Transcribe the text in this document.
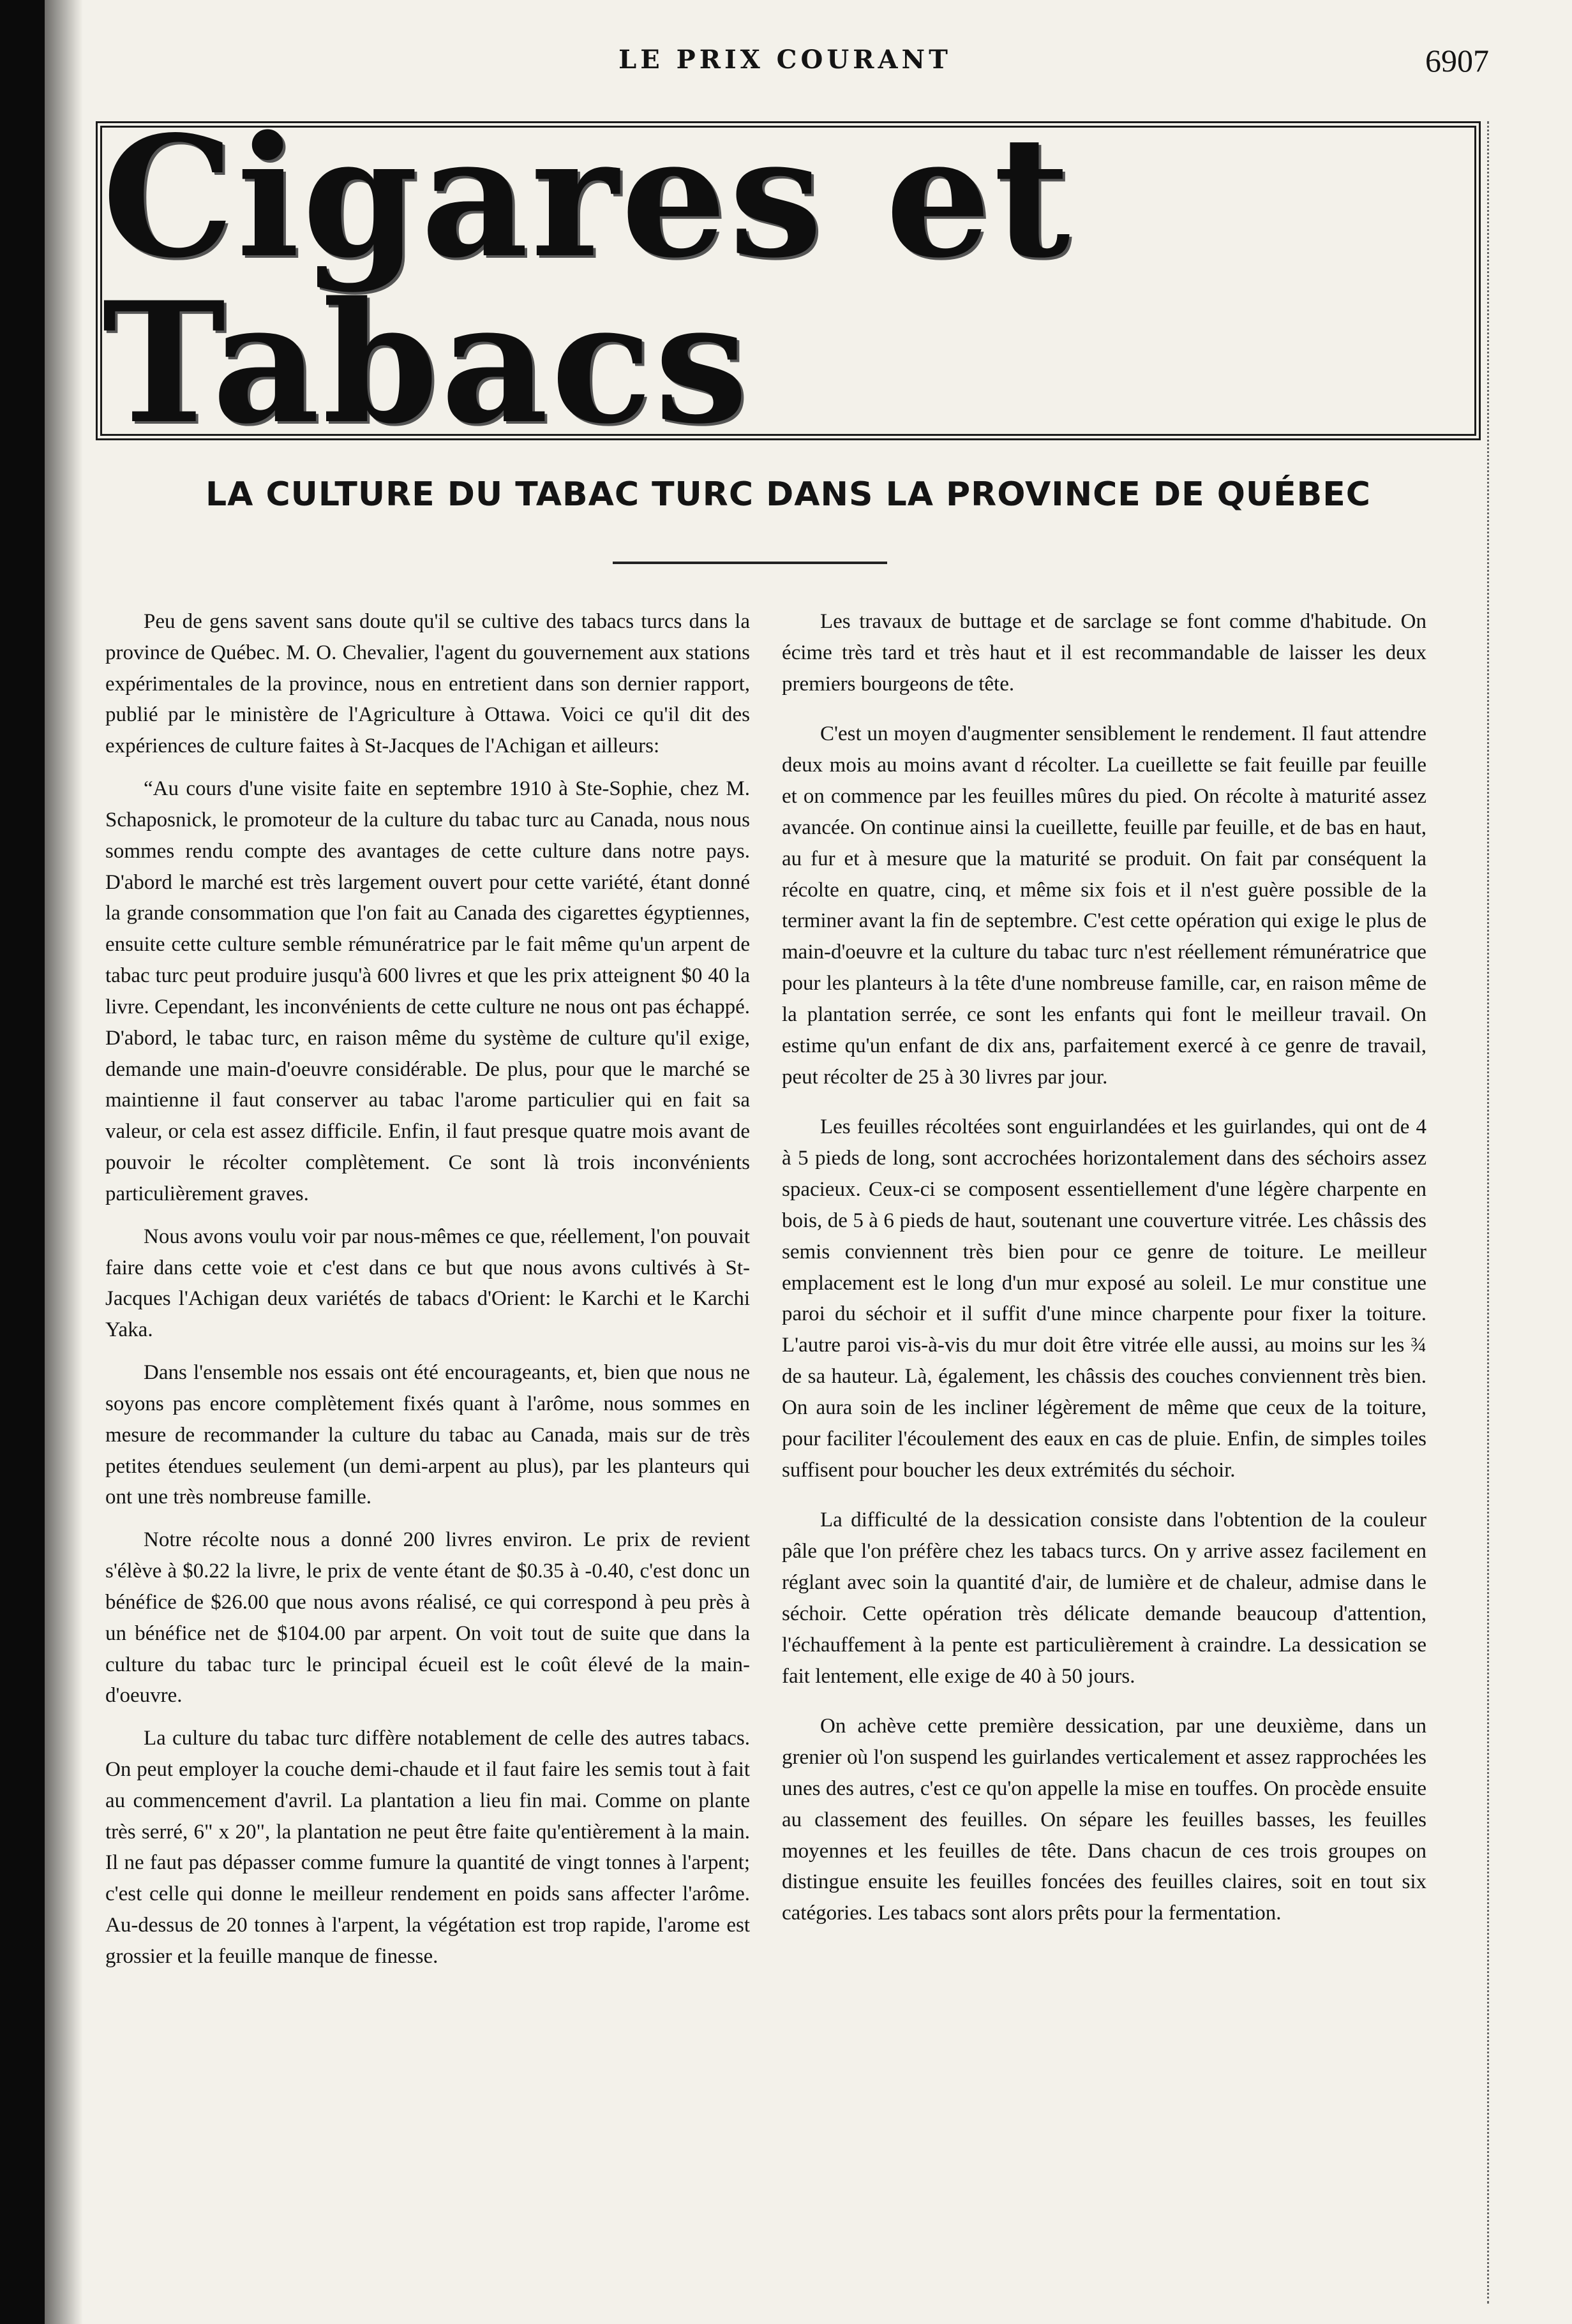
LE PRIX COURANT	6907
Cigares et Tabacs
LA CULTURE DU TABAC TURC DANS LA PROVINCE DE QUÉBEC

Peu de gens savent sans doute qu'il se cultive des tabacs turcs dans la province de Québec. M. O. Chevalier, l'agent du gouvernement aux stations expérimentales de la province, nous en entretient dans son dernier rapport, publié par le ministère de l'Agriculture à Ottawa. Voici ce qu'il dit des expériences de culture faites à St-Jacques de l'Achigan et ailleurs:

“Au cours d'une visite faite en septembre 1910 à Ste-Sophie, chez M. Schaposnick, le promoteur de la culture du tabac turc au Canada, nous nous sommes rendu compte des avantages de cette culture dans notre pays. D'abord le marché est très largement ouvert pour cette variété, étant donné la grande consommation que l'on fait au Canada des cigarettes égyptiennes, ensuite cette culture semble rémunératrice par le fait même qu'un arpent de tabac turc peut produire jusqu'à 600 livres et que les prix atteignent $0 40 la livre. Cependant, les inconvénients de cette culture ne nous ont pas échappé. D'abord, le tabac turc, en raison même du système de culture qu'il exige, demande une main-d'oeuvre considérable. De plus, pour que le marché se maintienne il faut conserver au tabac l'arome particulier qui en fait sa valeur, or cela est assez difficile. Enfin, il faut presque quatre mois avant de pouvoir le récolter complètement. Ce sont là trois inconvénients particulièrement graves.

Nous avons voulu voir par nous-mêmes ce que, réellement, l'on pouvait faire dans cette voie et c'est dans ce but que nous avons cultivés à St-Jacques l'Achigan deux variétés de tabacs d'Orient: le Karchi et le Karchi Yaka.

Dans l'ensemble nos essais ont été encourageants, et, bien que nous ne soyons pas encore complètement fixés quant à l'arôme, nous sommes en mesure de recommander la culture du tabac au Canada, mais sur de très petites étendues seulement (un demi-arpent au plus), par les planteurs qui ont une très nombreuse famille.

Notre récolte nous a donné 200 livres environ. Le prix de revient s'élève à $0.22 la livre, le prix de vente étant de $0.35 à -0.40, c'est donc un bénéfice de $26.00 que nous avons réalisé, ce qui correspond à peu près à un bénéfice net de $104.00 par arpent. On voit tout de suite que dans la culture du tabac turc le principal écueil est le coût élevé de la main-d'oeuvre.

La culture du tabac turc diffère notablement de celle des autres tabacs. On peut employer la couche demi-chaude et il faut faire les semis tout à fait au commencement d'avril. La plantation a lieu fin mai. Comme on plante très serré, 6" x 20", la plantation ne peut être faite qu'entièrement à la main. Il ne faut pas dépasser comme fumure la quantité de vingt tonnes à l'arpent; c'est celle qui donne le meilleur rendement en poids sans affecter l'arôme. Au-dessus de 20 tonnes à l'arpent, la végétation est trop rapide, l'arome est grossier et la feuille manque de finesse.

Les travaux de buttage et de sarclage se font comme d'habitude. On écime très tard et très haut et il est recommandable de laisser les deux premiers bourgeons de tête.

C'est un moyen d'augmenter sensiblement le rendement. Il faut attendre deux mois au moins avant d récolter. La cueillette se fait feuille par feuille et on commence par les feuilles mûres du pied. On récolte à maturité assez avancée. On continue ainsi la cueillette, feuille par feuille, et de bas en haut, au fur et à mesure que la maturité se produit. On fait par conséquent la récolte en quatre, cinq, et même six fois et il n'est guère possible de la terminer avant la fin de septembre. C'est cette opération qui exige le plus de main-d'oeuvre et la culture du tabac turc n'est réellement rémunératrice que pour les planteurs à la tête d'une nombreuse famille, car, en raison même de la plantation serrée, ce sont les enfants qui font le meilleur travail. On estime qu'un enfant de dix ans, parfaitement exercé à ce genre de travail, peut récolter de 25 à 30 livres par jour.

Les feuilles récoltées sont enguirlandées et les guirlandes, qui ont de 4 à 5 pieds de long, sont accrochées horizontalement dans des séchoirs assez spacieux. Ceux-ci se composent essentiellement d'une légère charpente en bois, de 5 à 6 pieds de haut, soutenant une couverture vitrée. Les châssis des semis conviennent très bien pour ce genre de toiture. Le meilleur emplacement est le long d'un mur exposé au soleil. Le mur constitue une paroi du séchoir et il suffit d'une mince charpente pour fixer la toiture. L'autre paroi vis-à-vis du mur doit être vitrée elle aussi, au moins sur les ¾ de sa hauteur. Là, également, les châssis des couches conviennent très bien. On aura soin de les incliner légèrement de même que ceux de la toiture, pour faciliter l'écoulement des eaux en cas de pluie. Enfin, de simples toiles suffisent pour boucher les deux extrémités du séchoir.

La difficulté de la dessication consiste dans l'obtention de la couleur pâle que l'on préfère chez les tabacs turcs. On y arrive assez facilement en réglant avec soin la quantité d'air, de lumière et de chaleur, admise dans le séchoir. Cette opération très délicate demande beaucoup d'attention, l'échauffement à la pente est particulièrement à craindre. La dessication se fait lentement, elle exige de 40 à 50 jours.

On achève cette première dessication, par une deuxième, dans un grenier où l'on suspend les guirlandes verticalement et assez rapprochées les unes des autres, c'est ce qu'on appelle la mise en touffes. On procède ensuite au classement des feuilles. On sépare les feuilles basses, les feuilles moyennes et les feuilles de tête. Dans chacun de ces trois groupes on distingue ensuite les feuilles foncées des feuilles claires, soit en tout six catégories. Les tabacs sont alors prêts pour la fermentation.
